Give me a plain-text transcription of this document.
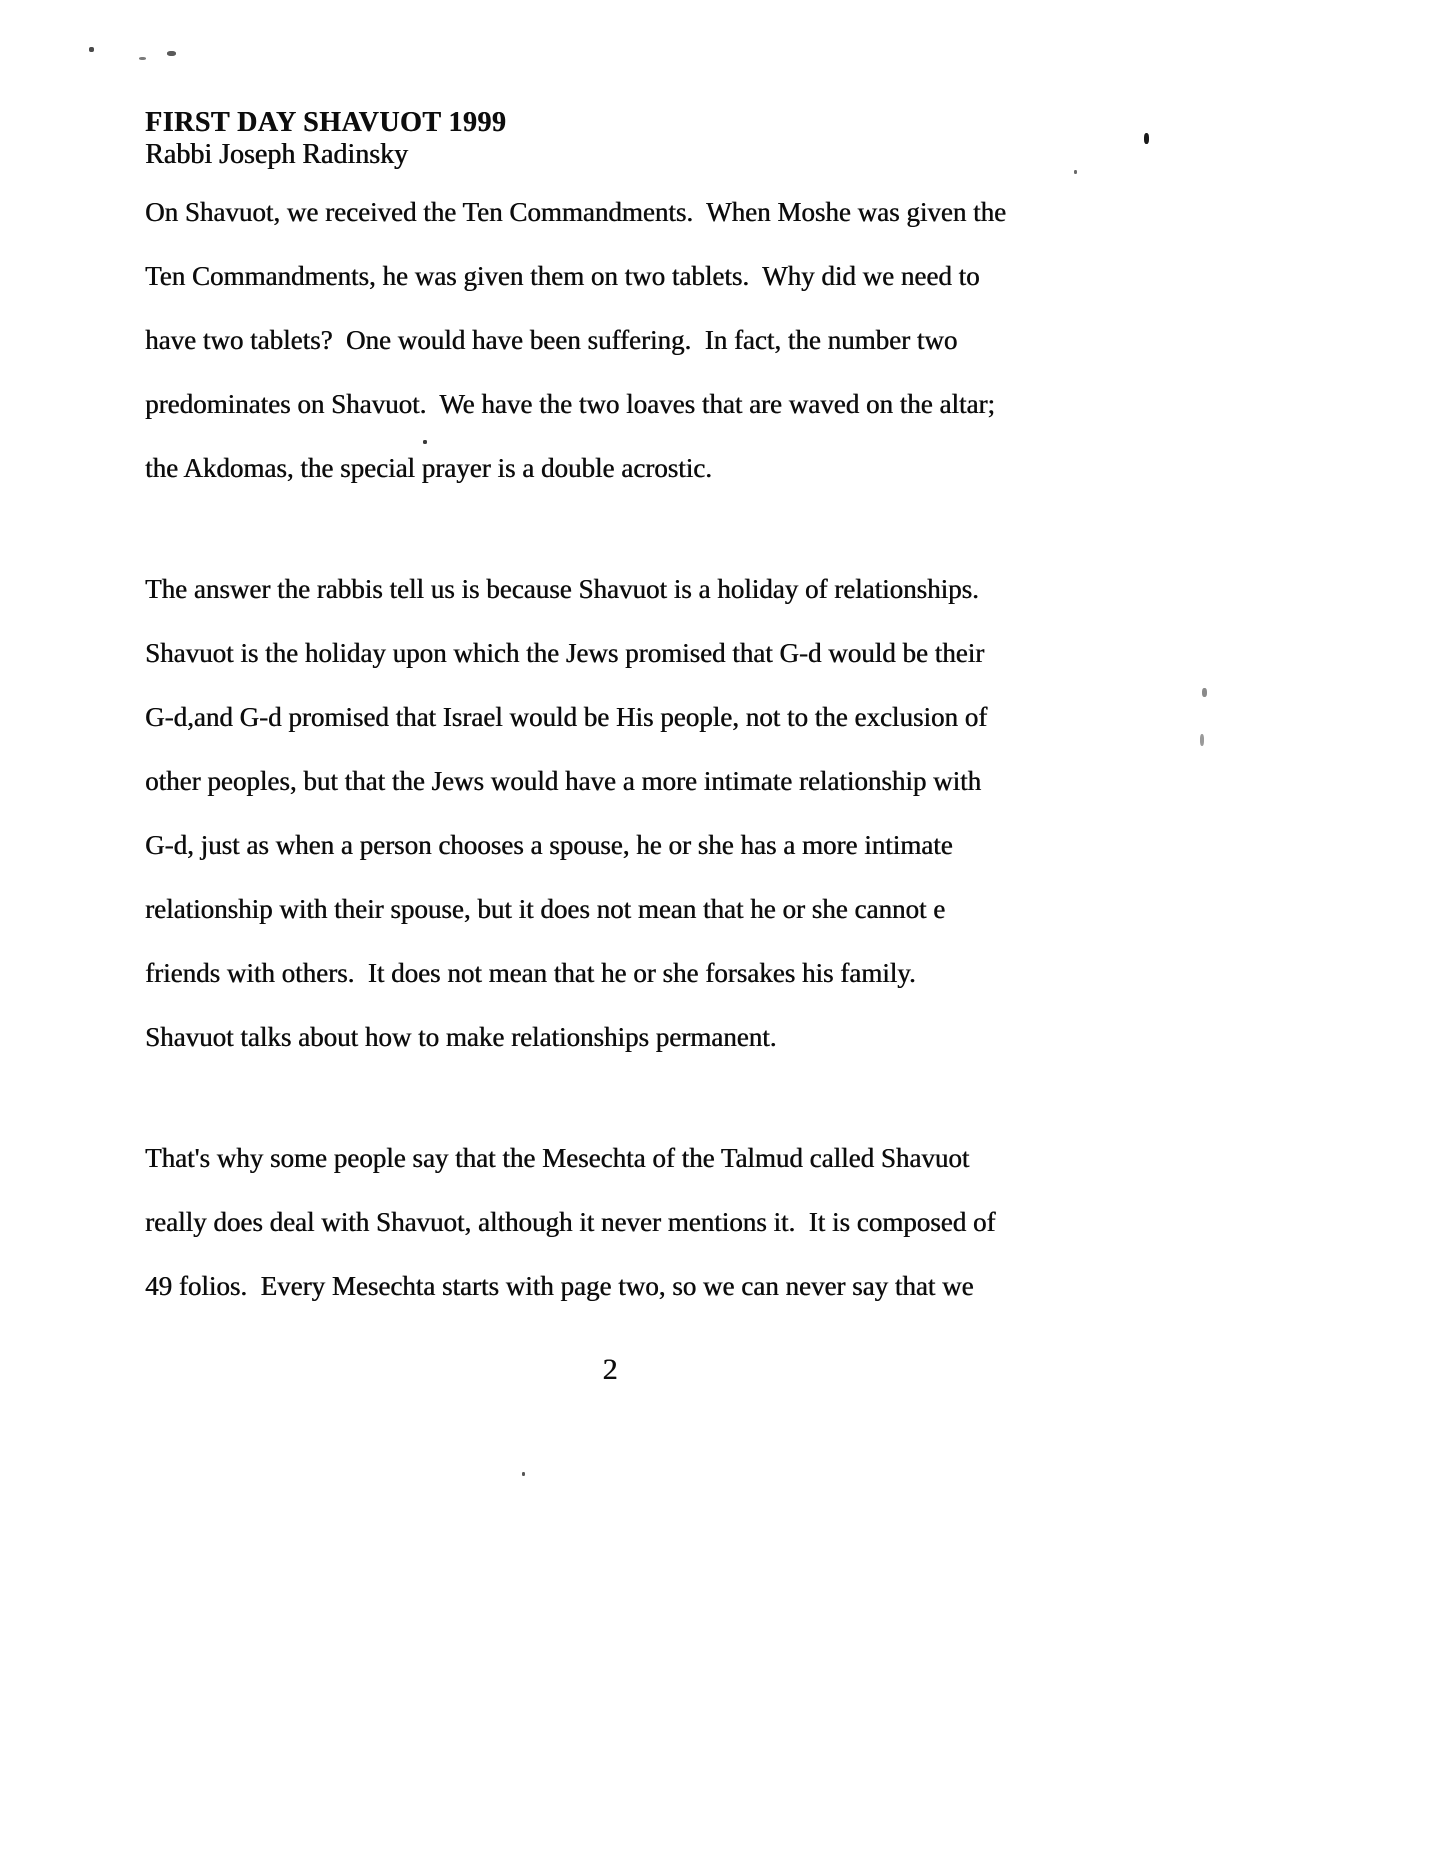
FIRST DAY SHAVUOT 1999
Rabbi Joseph Radinsky
On Shavuot, we received the Ten Commandments.  When Moshe was given the
Ten Commandments, he was given them on two tablets.  Why did we need to
have two tablets?  One would have been suffering.  In fact, the number two
predominates on Shavuot.  We have the two loaves that are waved on the altar;
the Akdomas, the special prayer is a double acrostic.
The answer the rabbis tell us is because Shavuot is a holiday of relationships.
Shavuot is the holiday upon which the Jews promised that G-d would be their
G-d,and G-d promised that Israel would be His people, not to the exclusion of
other peoples, but that the Jews would have a more intimate relationship with
G-d, just as when a person chooses a spouse, he or she has a more intimate
relationship with their spouse, but it does not mean that he or she cannot e
friends with others.  It does not mean that he or she forsakes his family.
Shavuot talks about how to make relationships permanent.
That's why some people say that the Mesechta of the Talmud called Shavuot
really does deal with Shavuot, although it never mentions it.  It is composed of
49 folios.  Every Mesechta starts with page two, so we can never say that we
2
